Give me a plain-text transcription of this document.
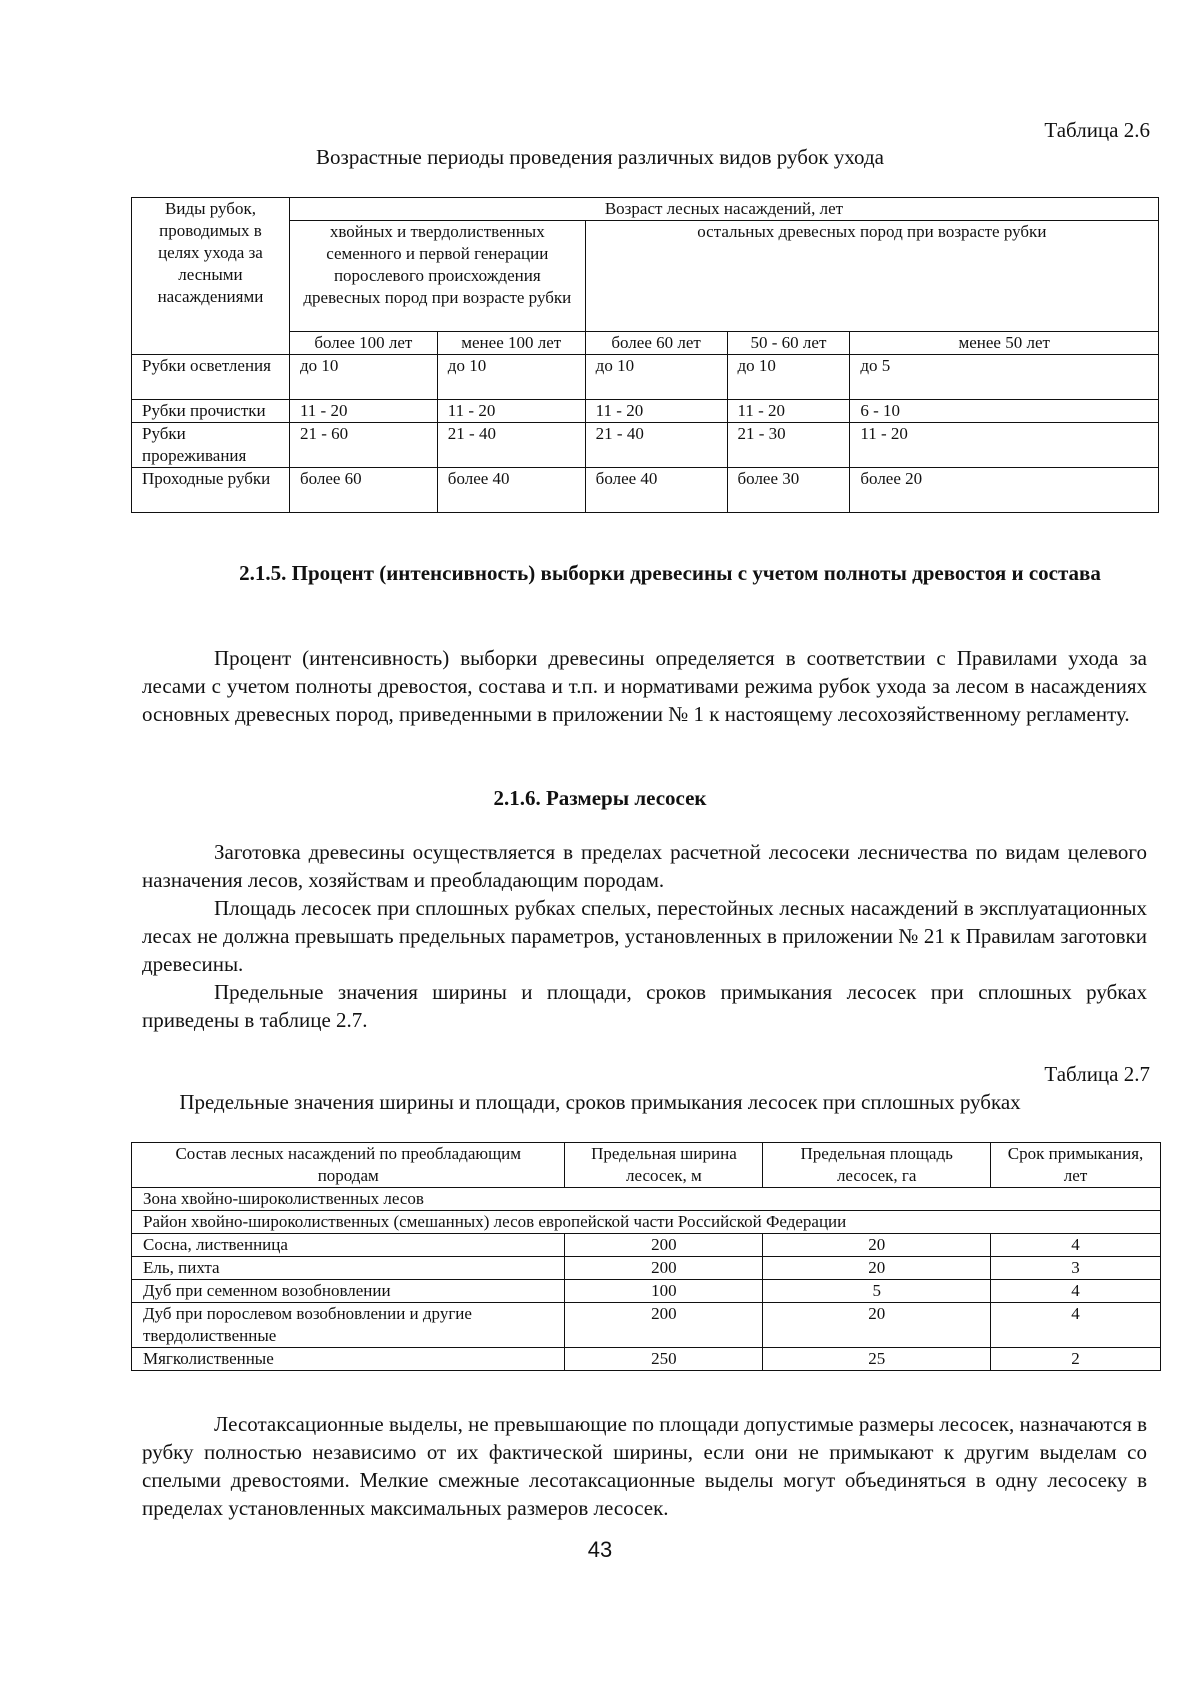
Таблица 2.6
Возрастные периоды проведения различных видов рубок ухода
Виды рубок, проводимых в целях ухода за лесными насаждениями	Возраст лесных насаждений, лет				
	хвойных и твердолиственных семенного и первой генерации порослевого происхождения древесных пород при возрасте рубки		остальных древесных пород при возрасте рубки		
	более 100 лет	менее 100 лет	более 60 лет	50 - 60 лет	менее 50 лет
Рубки осветления	до 10	до 10	до 10	до 10	до 5
Рубки прочистки	11 - 20	11 - 20	11 - 20	11 - 20	6 - 10
Рубки прореживания	21 - 60	21 - 40	21 - 40	21 - 30	11 - 20
Проходные рубки	более 60	более 40	более 40	более 30	более 20
2.1.5. Процент (интенсивность) выборки древесины с учетом полноты древостоя и состава

Процент (интенсивность) выборки древесины определяется в соответствии с Правилами ухода за лесами с учетом полноты древостоя, состава и т.п. и нормативами режима рубок ухода за лесом в насаждениях основных древесных пород, приведенными в приложении № 1 к настоящему лесохозяйственному регламенту.

2.1.6. Размеры лесосек

Заготовка древесины осуществляется в пределах расчетной лесосеки лесничества по видам целевого назначения лесов, хозяйствам и преобладающим породам.

Площадь лесосек при сплошных рубках спелых, перестойных лесных насаждений в эксплуатационных лесах не должна превышать предельных параметров, установленных в приложении № 21 к Правилам заготовки древесины.

Предельные значения ширины и площади, сроков примыкания лесосек при сплошных рубках приведены в таблице 2.7.

Таблица 2.7
Предельные значения ширины и площади, сроков примыкания лесосек при сплошных рубках
Состав лесных насаждений по преобладающим породам	Предельная ширина лесосек, м	Предельная площадь лесосек, га	Срок примыкания, лет
Зона хвойно-широколиственных лесов			
Район хвойно-широколиственных (смешанных) лесов европейской части Российской Федерации			
Сосна, лиственница	200	20	4
Ель, пихта	200	20	3
Дуб при семенном возобновлении	100	5	4
Дуб при порослевом возобновлении и другие твердолиственные	200	20	4
Мягколиственные	250	25	2

Лесотаксационные выделы, не превышающие по площади допустимые размеры лесосек, назначаются в рубку полностью независимо от их фактической ширины, если они не примыкают к другим выделам со спелыми древостоями. Мелкие смежные лесотаксационные выделы могут объединяться в одну лесосеку в пределах установленных максимальных размеров лесосек.

43
